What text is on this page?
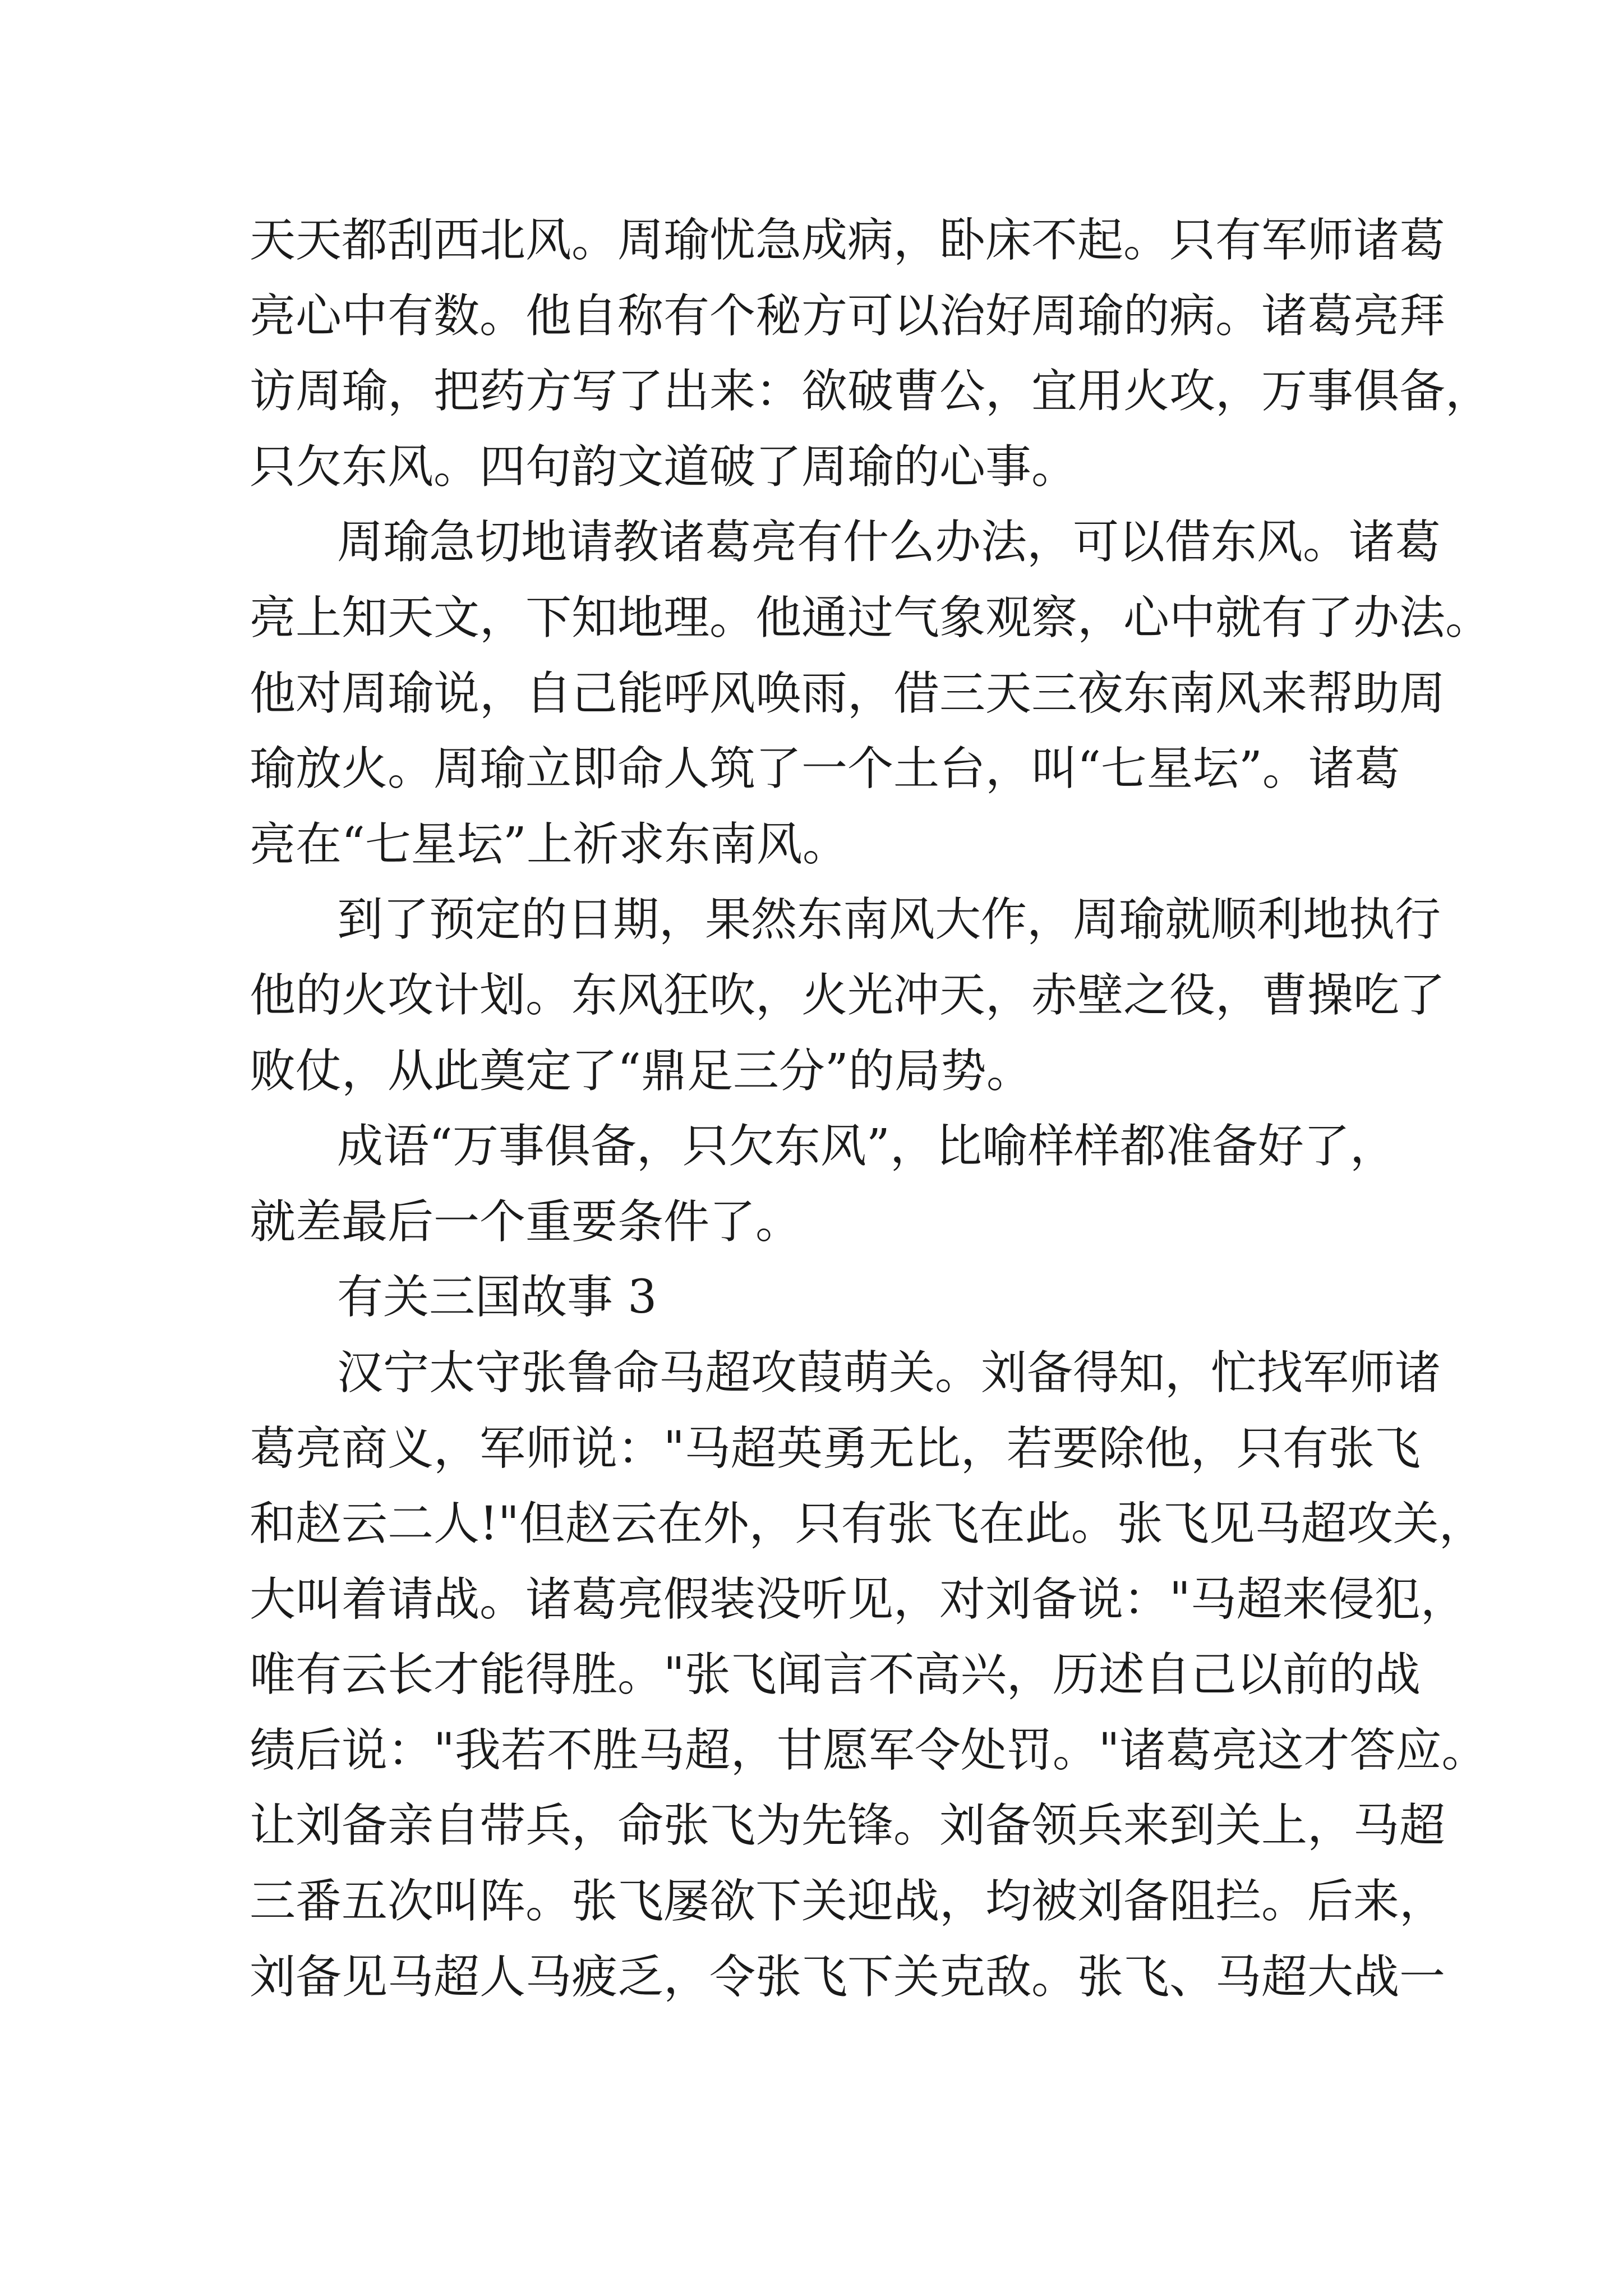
天天都刮西北风。周瑜忧急成病，卧床不起。只有军师诸葛
亮心中有数。他自称有个秘方可以治好周瑜的病。诸葛亮拜
访周瑜，把药方写了出来：欲破曹公，宜用火攻，万事俱备，
只欠东风。四句韵文道破了周瑜的心事。
周瑜急切地请教诸葛亮有什么办法，可以借东风。诸葛
亮上知天文，下知地理。他通过气象观察，心中就有了办法。
他对周瑜说，自己能呼风唤雨，借三天三夜东南风来帮助周
瑜放火。周瑜立即命人筑了一个土台，叫“七星坛”。诸葛
亮在“七星坛”上祈求东南风。
到了预定的日期，果然东南风大作，周瑜就顺利地执行
他的火攻计划。东风狂吹，火光冲天，赤壁之役，曹操吃了
败仗，从此奠定了“鼎足三分”的局势。
成语“万事俱备，只欠东风”，比喻样样都准备好了，
就差最后一个重要条件了。
有关三国故事 3
汉宁太守张鲁命马超攻葭萌关。刘备得知，忙找军师诸
葛亮商义，军师说："马超英勇无比，若要除他，只有张飞
和赵云二人!"但赵云在外，只有张飞在此。张飞见马超攻关，
大叫着请战。诸葛亮假装没听见，对刘备说："马超来侵犯，
唯有云长才能得胜。"张飞闻言不高兴，历述自己以前的战
绩后说："我若不胜马超，甘愿军令处罚。"诸葛亮这才答应。
让刘备亲自带兵，命张飞为先锋。刘备领兵来到关上，马超
三番五次叫阵。张飞屡欲下关迎战，均被刘备阻拦。后来，
刘备见马超人马疲乏，令张飞下关克敌。张飞、马超大战一
